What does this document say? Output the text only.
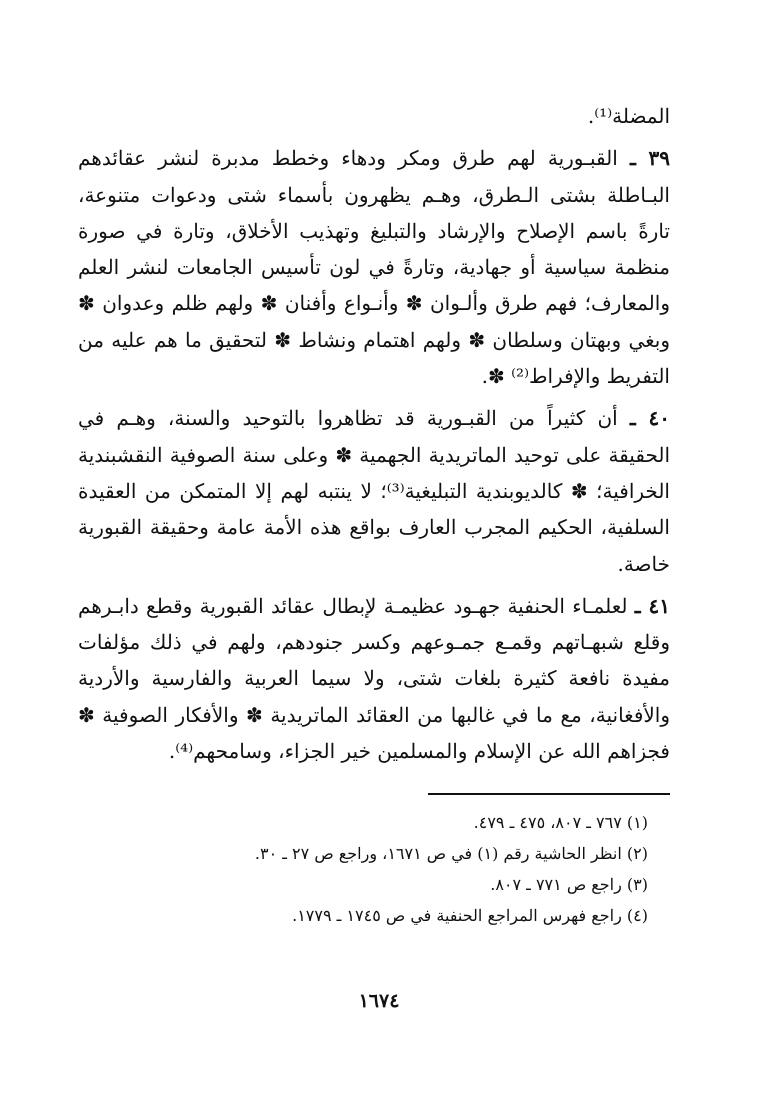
المضلة⁽¹⁾.

٣٩ ـ القبـورية لهم طرق ومكر ودهاء وخطط مدبرة لنشر عقائدهم البـاطلة بشتى الـطرق، وهـم يظهرون بأسماء شتى ودعوات متنوعة، تارةً باسم الإصلاح والإرشاد والتبليغ وتهذيب الأخلاق، وتارة في صورة منظمة سياسية أو جهادية، وتارةً في لون تأسيس الجامعات لنشر العلم والمعارف؛ فهم طرق وألـوان ✽ وأنـواع وأفنان ✽ ولهم ظلم وعدوان ✽ وبغي وبهتان وسلطان ✽ ولهم اهتمام ونشاط ✽ لتحقيق ما هم عليه من التفريط والإفراط⁽²⁾ ✽.

٤٠ ـ أن كثيراً من القبـورية قد تظاهروا بالتوحيد والسنة، وهـم في الحقيقة على توحيد الماتريدية الجهمية ✽ وعلى سنة الصوفية النقشبندية الخرافية؛ ✽ كالديوبندية التبليغية⁽³⁾؛ لا ينتبه لهم إلا المتمكن من العقيدة السلفية، الحكيم المجرب العارف بواقع هذه الأمة عامة وحقيقة القبورية خاصة.

٤١ ـ لعلمـاء الحنفية جهـود عظيمـة لإبطال عقائد القبورية وقطع دابـرهم وقلع شبهـاتهم وقمـع جمـوعهم وكسر جنودهم، ولهم في ذلك مؤلفات مفيدة نافعة كثيرة بلغات شتى، ولا سيما العربية والفارسية والأردية والأفغانية، مع ما في غالبها من العقائد الماتريدية ✽ والأفكار الصوفية ✽ فجزاهم الله عن الإسلام والمسلمين خير الجزاء، وسامحهم⁽⁴⁾.

(١) ٧٦٧ ـ ٨٠٧، ٤٧٥ ـ ٤٧٩.

(٢) انظر الحاشية رقم (١) في ص ١٦٧١، وراجع ص ٢٧ ـ ٣٠.

(٣) راجع ص ٧٧١ ـ ٨٠٧.

(٤) راجع فهرس المراجع الحنفية في ص ١٧٤٥ ـ ١٧٧٩.

١٦٧٤
